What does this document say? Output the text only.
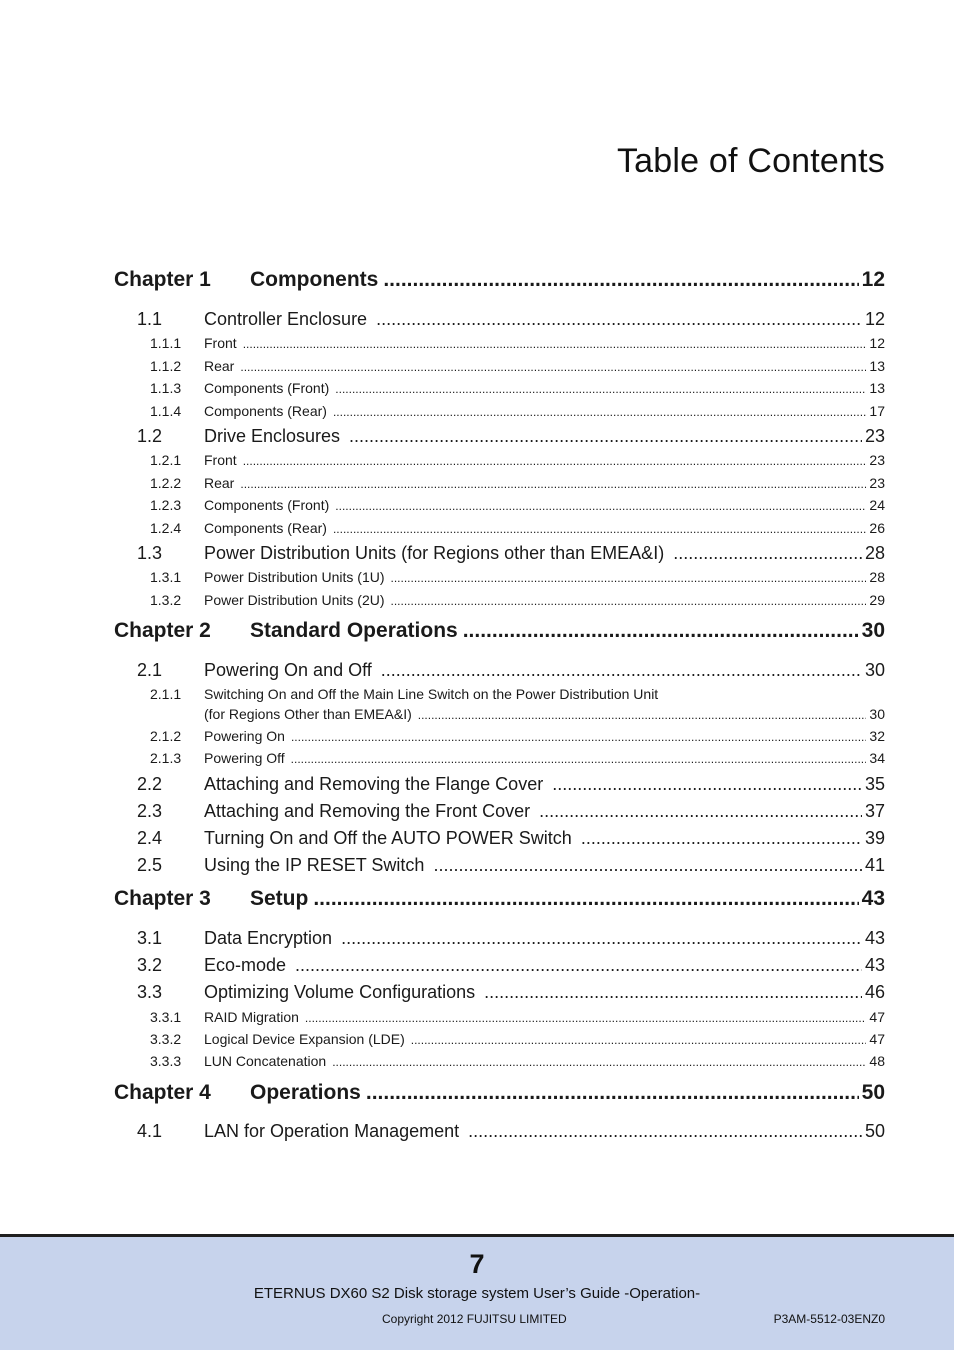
Table of Contents
Chapter 1	Components .....	12
1.1	Controller Enclosure .....	12
1.1.1	Front .....	12
1.1.2	Rear .....	13
1.1.3	Components (Front) .....	13
1.1.4	Components (Rear) .....	17
1.2	Drive Enclosures .....	23
1.2.1	Front .....	23
1.2.2	Rear .....	23
1.2.3	Components (Front) .....	24
1.2.4	Components (Rear) .....	26
1.3	Power Distribution Units (for Regions other than EMEA&I) .....	28
1.3.1	Power Distribution Units (1U) .....	28
1.3.2	Power Distribution Units (2U) .....	29
Chapter 2	Standard Operations .....	30
2.1	Powering On and Off .....	30
2.1.1 Switching On and Off the Main Line Switch on the Power Distribution Unit
(for Regions Other than EMEA&I) .....	30
2.1.2	Powering On .....	32
2.1.3	Powering Off .....	34
2.2	Attaching and Removing the Flange Cover .....	35
2.3	Attaching and Removing the Front Cover .....	37
2.4	Turning On and Off the AUTO POWER Switch .....	39
2.5	Using the IP RESET Switch .....	41
Chapter 3	Setup .....	43
3.1	Data Encryption .....	43
3.2	Eco-mode .....	43
3.3	Optimizing Volume Configurations .....	46
3.3.1	RAID Migration .....	47
3.3.2	Logical Device Expansion (LDE) .....	47
3.3.3	LUN Concatenation .....	48
Chapter 4	Operations .....	50
4.1	LAN for Operation Management .....	50
7
ETERNUS DX60 S2 Disk storage system User’s Guide -Operation-
Copyright 2012 FUJITSU LIMITED	P3AM-5512-03ENZ0
